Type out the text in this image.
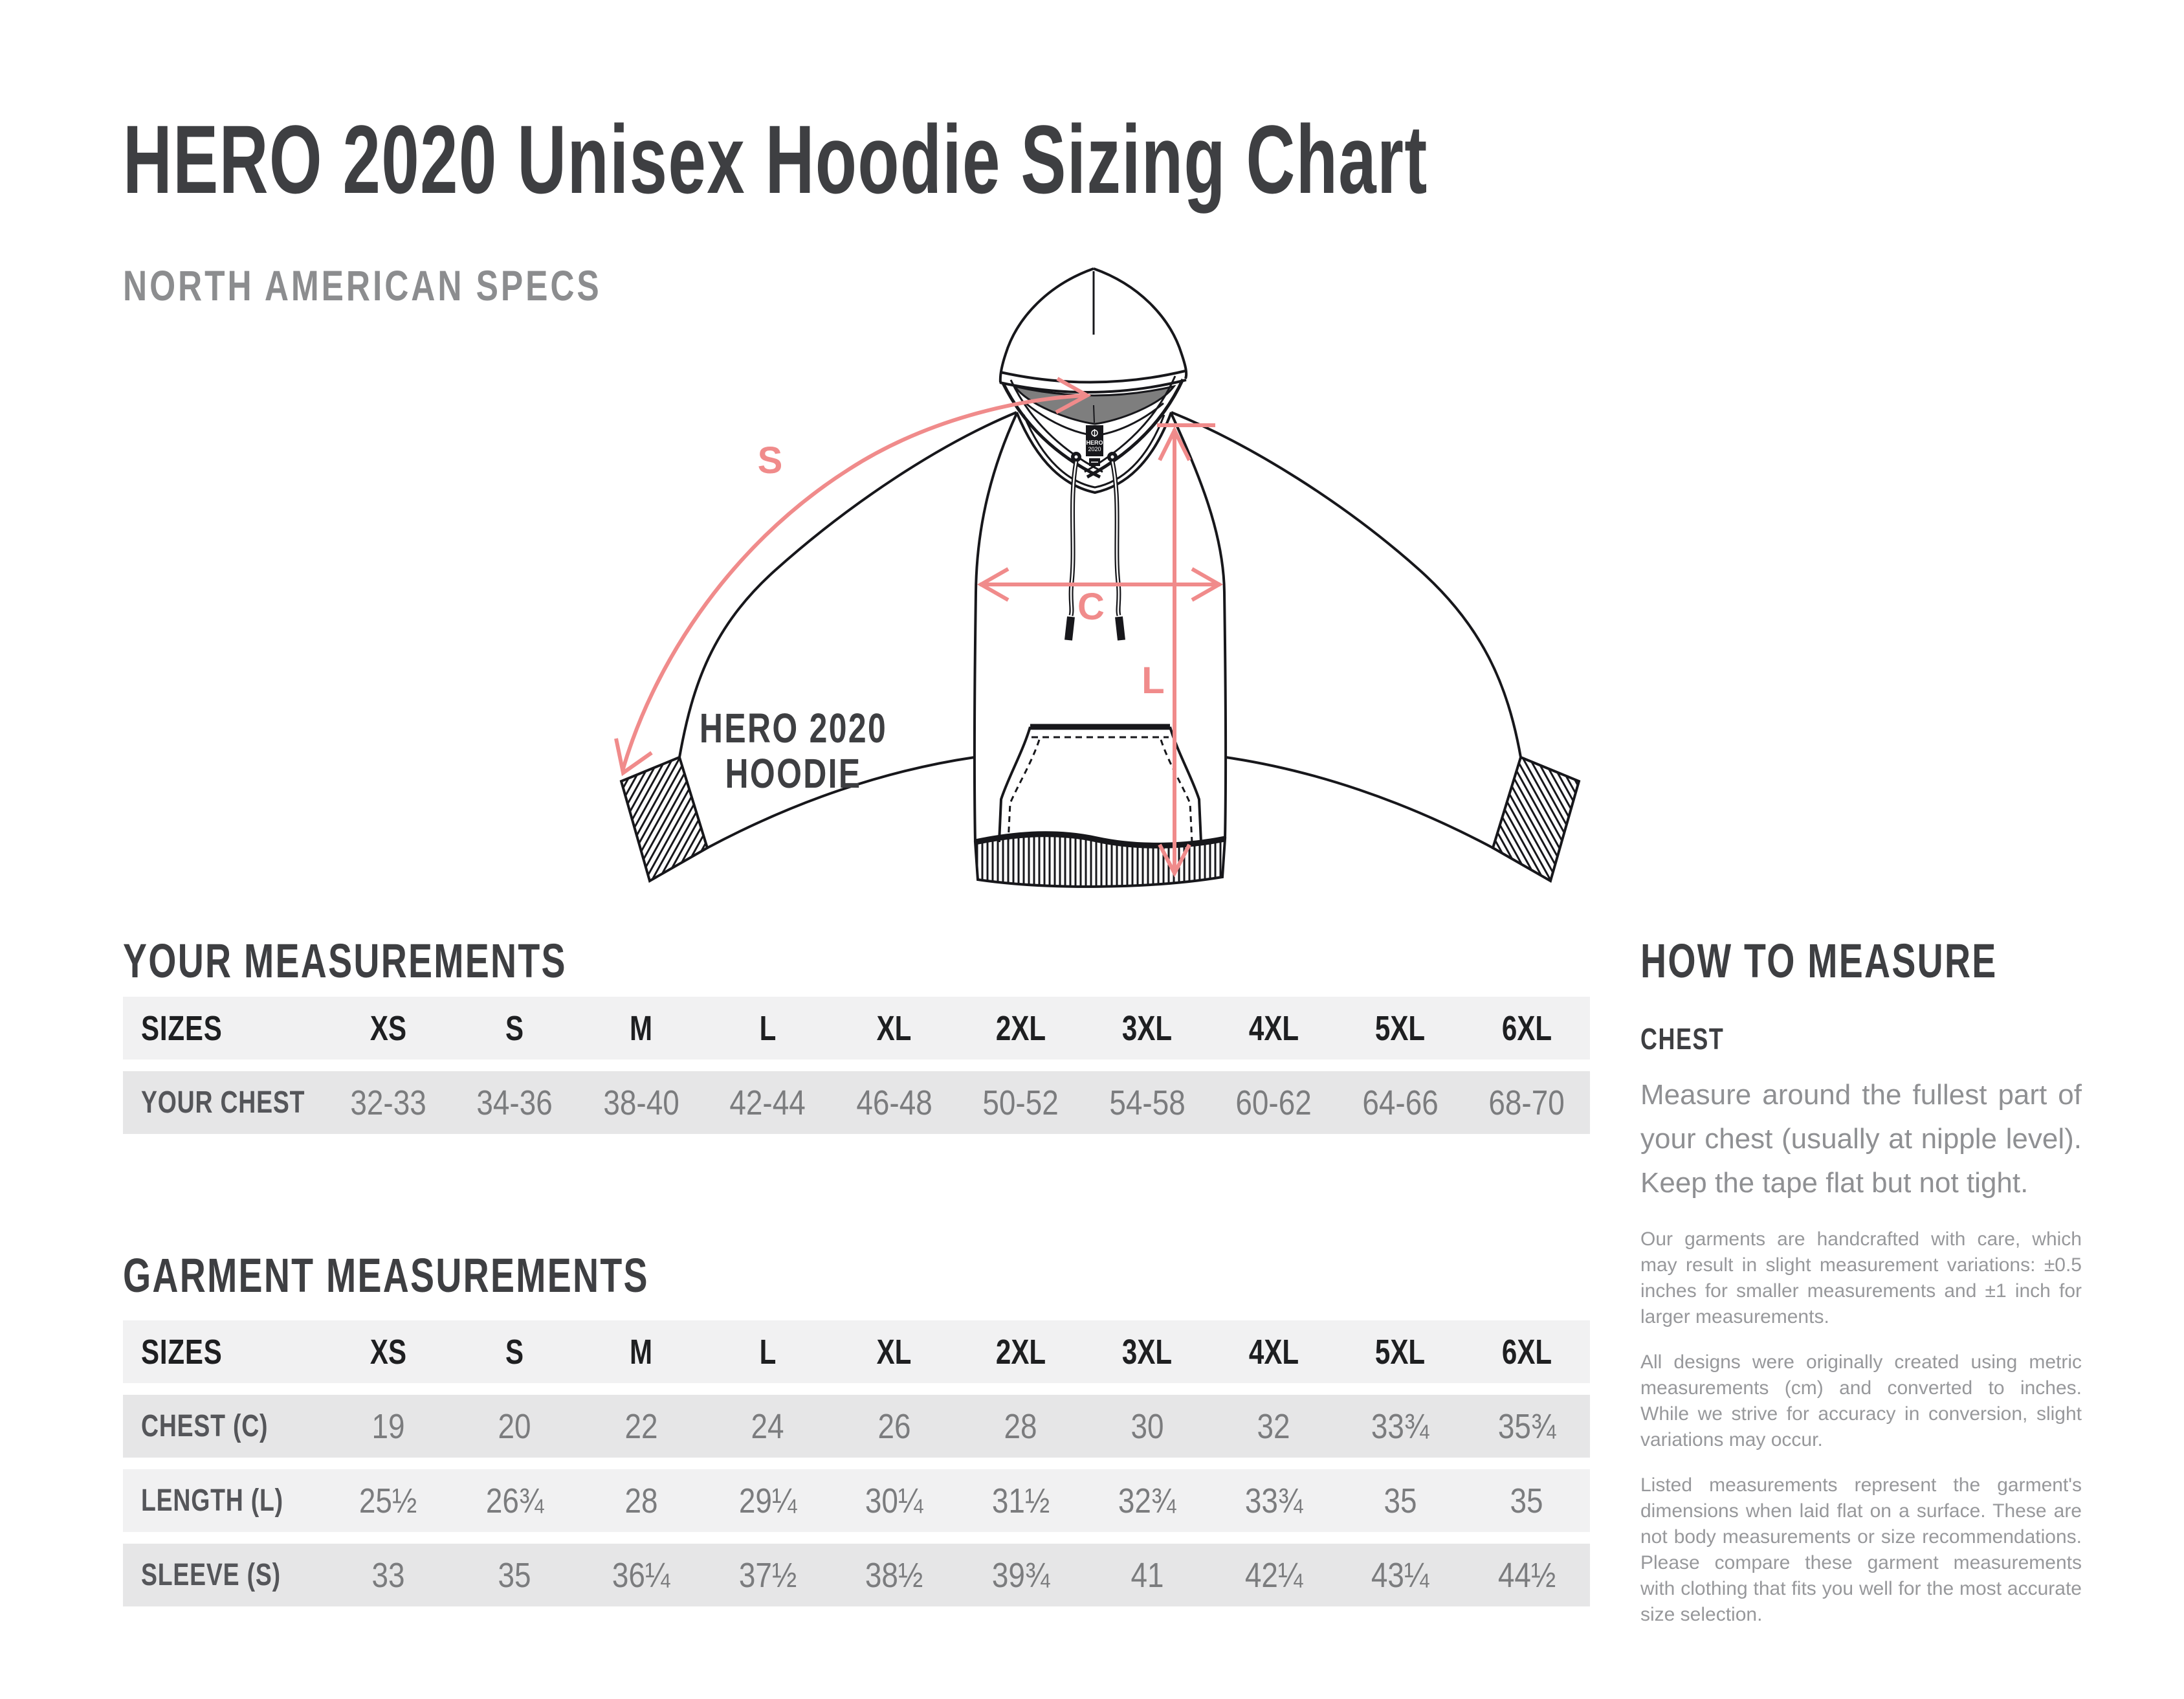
HERO 2020 Unisex Hoodie Sizing Chart
NORTH AMERICAN SPECS
HERO
2020
S
C
L
HERO 2020
HOODIE
YOUR MEASUREMENTS
SIZES	XS	S	M	L	XL	2XL	3XL	4XL	5XL	6XL
YOUR CHEST	32-33	34-36	38-40	42-44	46-48	50-52	54-58	60-62	64-66	68-70
HOW TO MEASURE
CHEST
Measure around the fullest part of your chest (usually at nipple level). Keep the tape flat but not tight.
GARMENT MEASUREMENTS
SIZES	XS	S	M	L	XL	2XL	3XL	4XL	5XL	6XL
CHEST (C)	19	20	22	24	26	28	30	32	33¾	35¾
LENGTH (L)	25½	26¾	28	29¼	30¼	31½	32¾	33¾	35	35
SLEEVE (S)	33	35	36¼	37½	38½	39¾	41	42¼	43¼	44½

Our garments are handcrafted with care, which may result in slight measurement variations: ±0.5 inches for smaller measurements and ±1 inch for larger measurements.

All designs were originally created using metric measurements (cm) and converted to inches. While we strive for accuracy in conversion, slight variations may occur.

Listed measurements represent the garment's dimensions when laid flat on a surface. These are not body measurements or size recommendations. Please compare these garment measurements with clothing that fits you well for the most accurate size selection.
